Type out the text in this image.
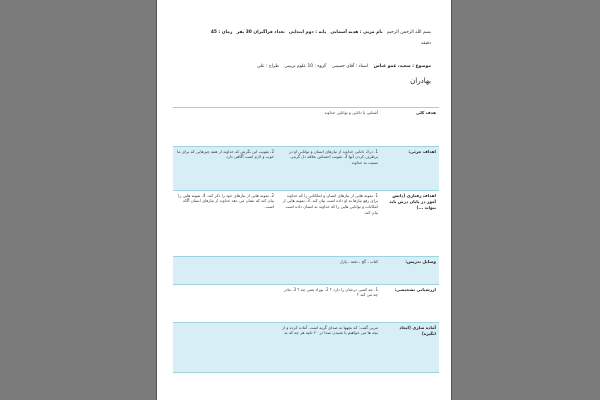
بسم الله الرحمن الرحیم   نام مربی : هدیه آسمانی   پایه : دوم ابتدایی   تعداد فراگیران 30 نفر   زمان : 45
دقیقه
موضوع : سعید، عمو عباس    استاد : آقای حسینی    گروه : 10 علوم تربیتی    طراح : علی
بهادران
هدف کلی	آشنایی با دانایی و توانایی خداوند	
اهداف جزئی:	1. درک دانایی خداوند از نیازهای انسان و توانایی او در برطرف کردن آنها 3. تقویت احساس علاقه دل گرمی نسبت به خداوند	2. تقویت این نگرش که خداوند از همه چیزهایی که برای ما خوب و لازم است آگاهی دارد
اهداف رفتاری (دانش آموز در پایان درس باید بتواند ...)	1. نمونه هایی از نیازهای انسان و امکاناتی را که خداوند برای رفع نیازها به او داده است بیان کند. 3. نمونه هایی از امکانات و توانایی هایی را که خداوند به انسان داده است بیان کند.	2. نمونه هایی از نیازهای خود را ذکر کند. 4. نمونه هایی را بیان کند که نشان می دهد خداوند از نیازهای انسان آگاه است.
وسایل تدریس:	کتاب ، گچ ، تخته ، پازل	
ارزشیابی تشخیصی:	1. چه کسی درختان را دارد ؟ 2. نوزاد یعنی چه ؟ 3. مادر چه می کند ؟	
آماده سازی (ایجاد انگیزه)	مربی گفت: که بچهها به صدای گریه است. آماده کرده و از بچه ها می خواهیم با شنیدن صدا در ۲۰ ثانیه هر چه که به	
